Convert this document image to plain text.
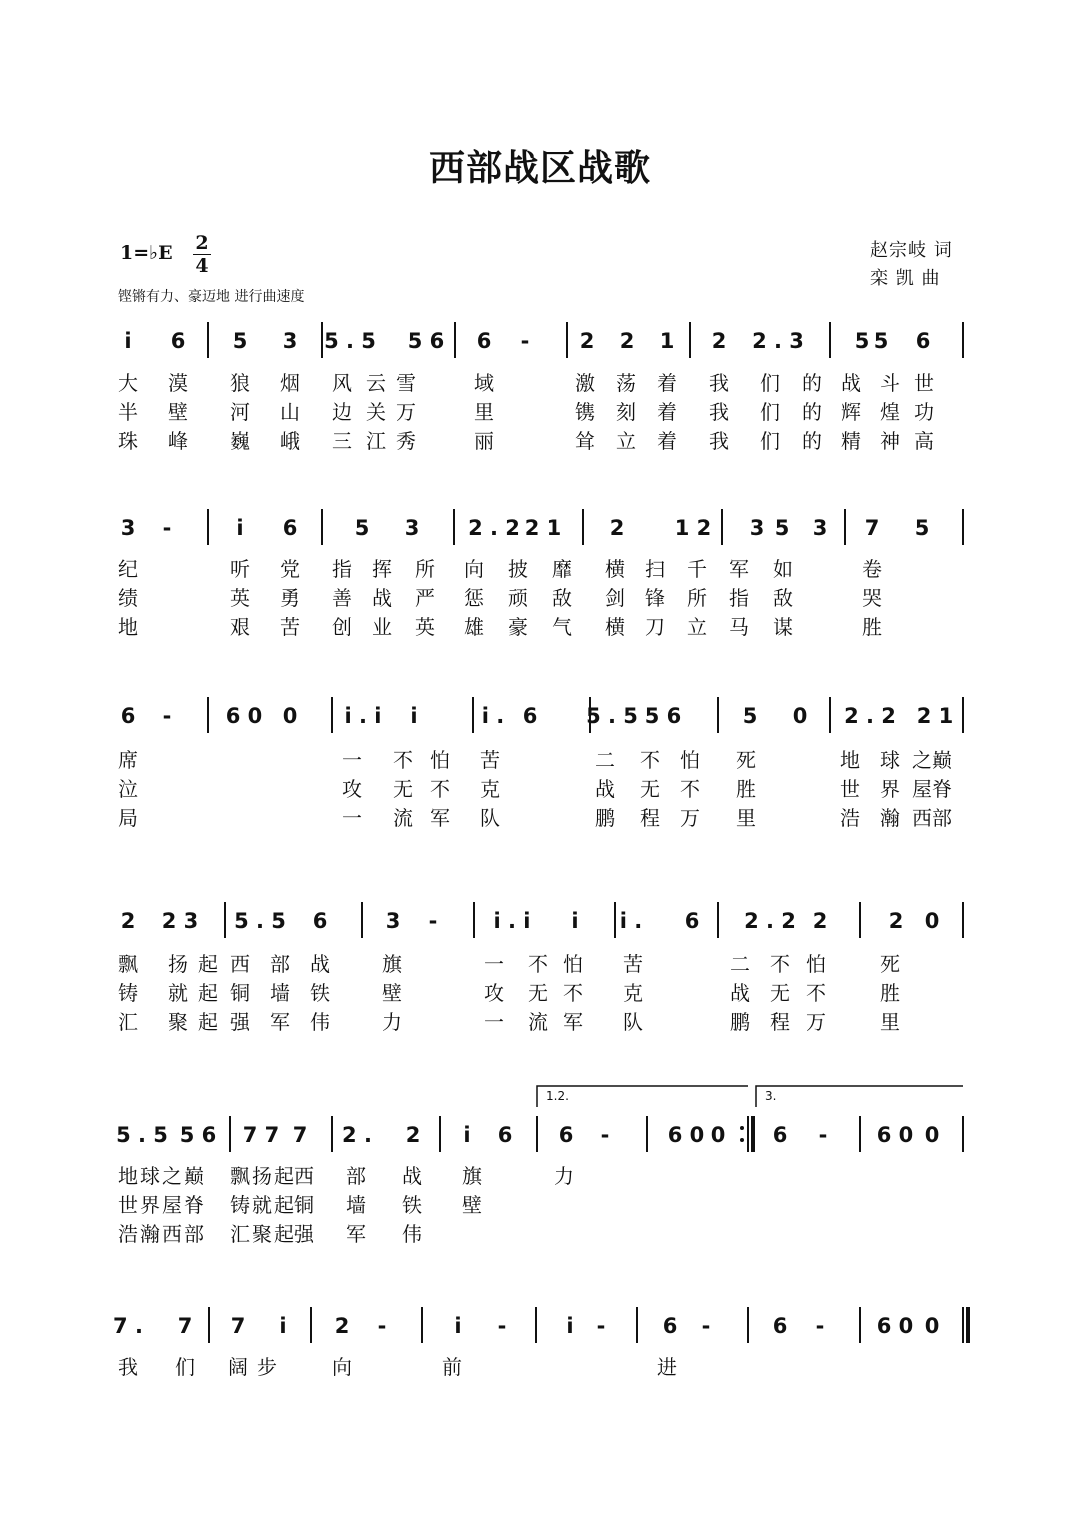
西部战区战歌
1=♭E 2
4
铿锵有力、豪迈地 进行曲速度
赵宗岐 词
栾 凯 曲
i 6 5 3 5 . 5 5 6 6 - 2 2 1 2 2 . 3 5 5 6
大 漠 狼 烟 风 云 雪	域	激 荡 着 我 们 的 战 斗 世
半 壁 河 山 边 关 万	里	镌 刻 着 我 们 的 辉 煌 功
珠 峰 巍 峨 三 江 秀	丽	耸 立 着 我 们 的 精 神 高
3 -	i 6	5 3 2 . 2 2 1 2 1 2 3 5 3 7 5
纪	听 党 指 挥 所 向 披 靡 横 扫 千 军 如	卷
绩	英 勇 善 战 严 惩 顽 敌 剑 锋 所 指 敌	哭
地	艰 苦 创 业 英 雄 豪 气 横 刀 立 马 谋	胜
6 -	6 0 0 i . i i	i . 6 5 . 5 5 6	5 0 2 . 2 2 1
席	一 不 怕 苦	二 不 怕 死	地 球 之 巅
泣	攻 无 不 克	战 无 不 胜	世 界 屋 脊
局	一 流 军 队	鹏 程 万 里	浩 瀚 西 部
2 2 3 5 . 5 6	3 -	i . i i i . 6 2 . 2 2	2 0
飘 扬 起 西 部 战	旗	一 不 怕 苦	二 不 怕	死
铸 就 起 铜 墙 铁	壁	攻 无 不 克	战 无 不	胜
汇 聚 起 强 军 伟	力	一 流 军 队	鹏 程 万	里
5 . 5 5 6 7 7 7 2 . 2 i 6 6 -	6 0 0 6 - 6 0 0
1.2.	3.
地 球 之 巅 飘 扬 起 西 部 战 旗	力
世 界 屋 脊 铸 就 起 铜 墙 铁 壁
浩 瀚 西 部 汇 聚 起 强 军 伟
7 . 7 7 i 2 -	i -	i -	6 -	6 - 6 0 0
我 们 阔 步	向	前	进
